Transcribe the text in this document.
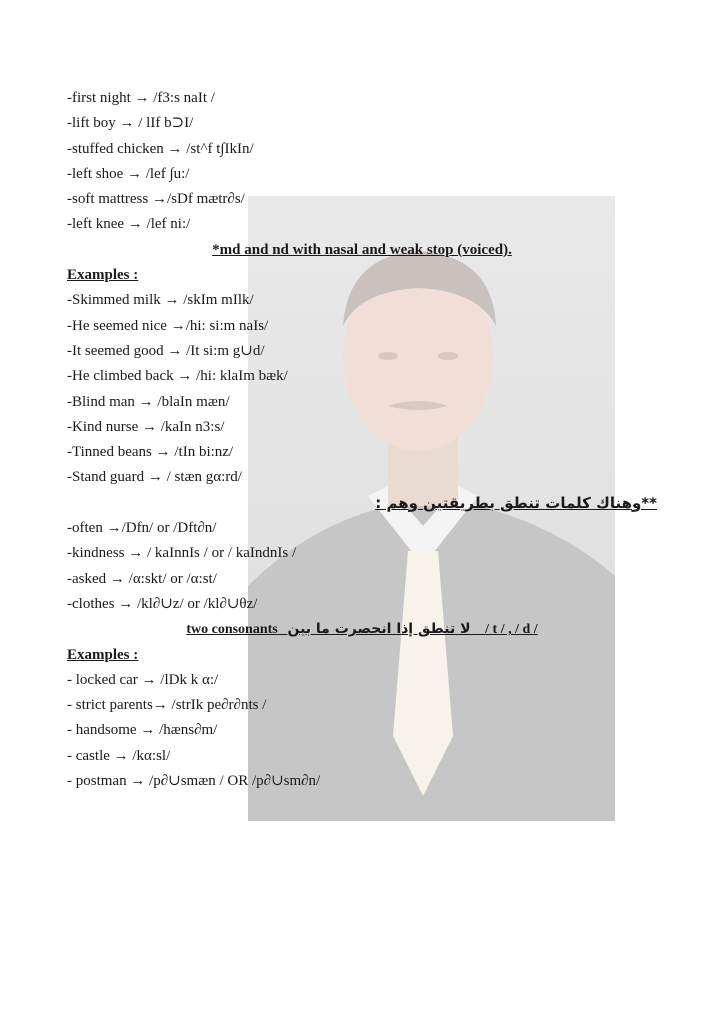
-first night → /f3:s naIt /
-lift boy → / lIf b⊃I/
-stuffed chicken → /st^f t∫IkIn/
-left shoe → /lef ∫u:/
-soft mattress →/sDf mætr∂s/
-left knee → /lef ni:/
*md and nd with nasal and weak stop (voiced).
Examples :
-Skimmed milk → /skIm mIlk/
-He seemed nice →/hi: si:m naIs/
-It seemed good → /It si:m g∪d/
-He climbed back → /hi: klaIm bæk/
-Blind man → /blaIn mæn/
-Kind nurse → /kaIn n3:s/
-Tinned beans → /tIn bi:nz/
-Stand guard → / stæn gα:rd/
**وهناك كلمات تنطق بطريقتين وهم :
-often →/Dfn/ or /Dft∂n/
-kindness → / kaInnIs / or / kaIndnIs /
-asked → /α:skt/ or /α:st/
-clothes → /kl∂∪z/ or /kl∂∪θz/
two consonants لا تنطق إذا انحصرت ما بين / t / , / d /
Examples :
- locked car → /lDk k α:/
- strict parents→ /strIk pe∂r∂nts /
- handsome → /hæns∂m/
- castle → /kα:sl/
- postman → /p∂∪smæn / OR /p∂∪sm∂n/
